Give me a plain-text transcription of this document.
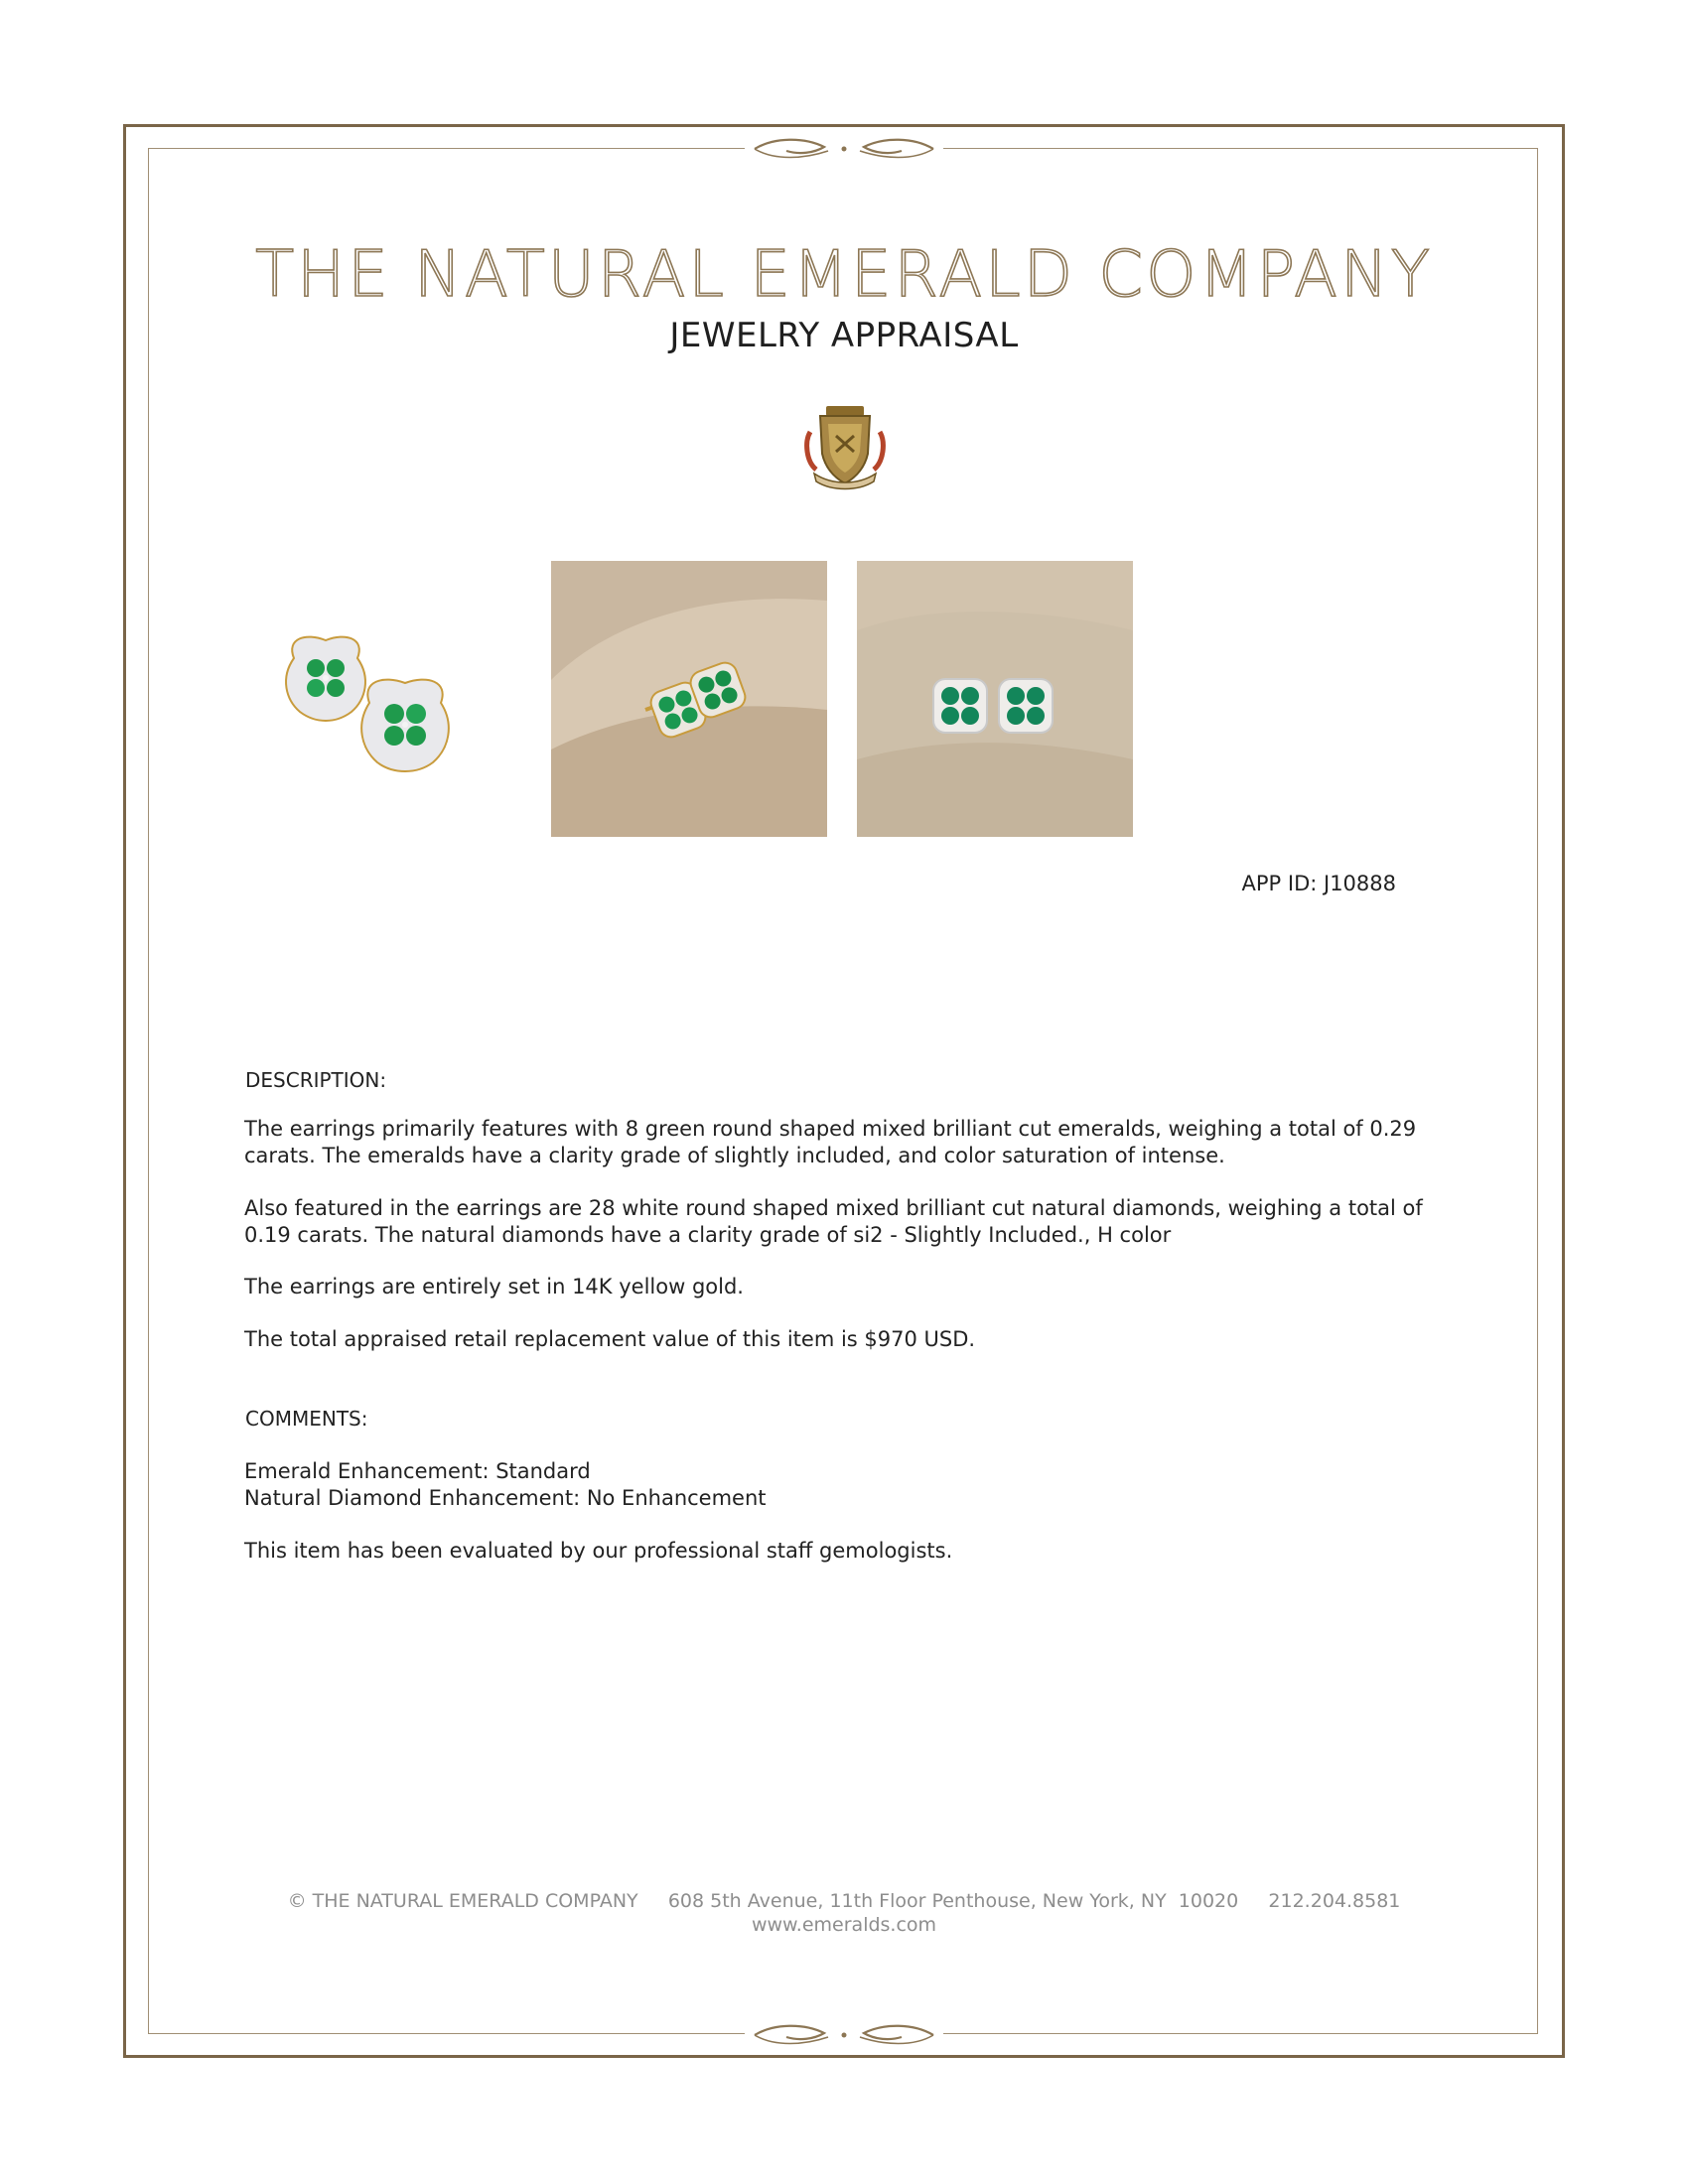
THE NATURAL EMERALD COMPANY
JEWELRY APPRAISAL
APP ID: J10888
DESCRIPTION:
The earrings primarily features with 8 green round shaped mixed brilliant cut emeralds, weighing a total of 0.29 carats. The emeralds have a clarity grade of slightly included, and color saturation of intense.
Also featured in the earrings are 28 white round shaped mixed brilliant cut natural diamonds, weighing a total of 0.19 carats. The natural diamonds have a clarity grade of si2 - Slightly Included., H color
The earrings are entirely set in 14K yellow gold.
The total appraised retail replacement value of this item is $970 USD.
COMMENTS:
Emerald Enhancement: Standard
Natural Diamond Enhancement: No Enhancement
This item has been evaluated by our professional staff gemologists.
© THE NATURAL EMERALD COMPANY 608 5th Avenue, 11th Floor Penthouse, New York, NY  10020 212.204.8581
www.emeralds.com
